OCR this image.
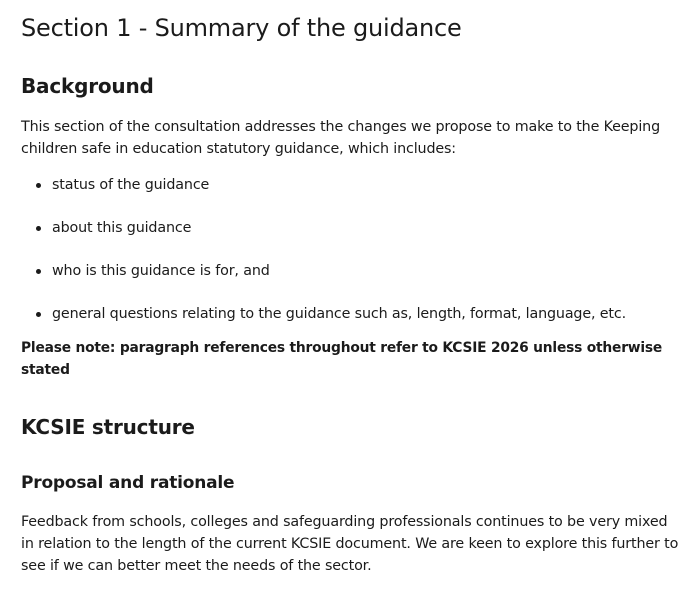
Section 1 - Summary of the guidance
Background

This section of the consultation addresses the changes we propose to make to the Keeping children safe in education statutory guidance, which includes:

status of the guidance
about this guidance
who is this guidance is for, and
general questions relating to the guidance such as, length, format, language, etc.

Please note: paragraph references throughout refer to KCSIE 2026 unless otherwise stated

KCSIE structure
Proposal and rationale

Feedback from schools, colleges and safeguarding professionals continues to be very mixed in relation to the length of the current KCSIE document. We are keen to explore this further to see if we can better meet the needs of the sector.
